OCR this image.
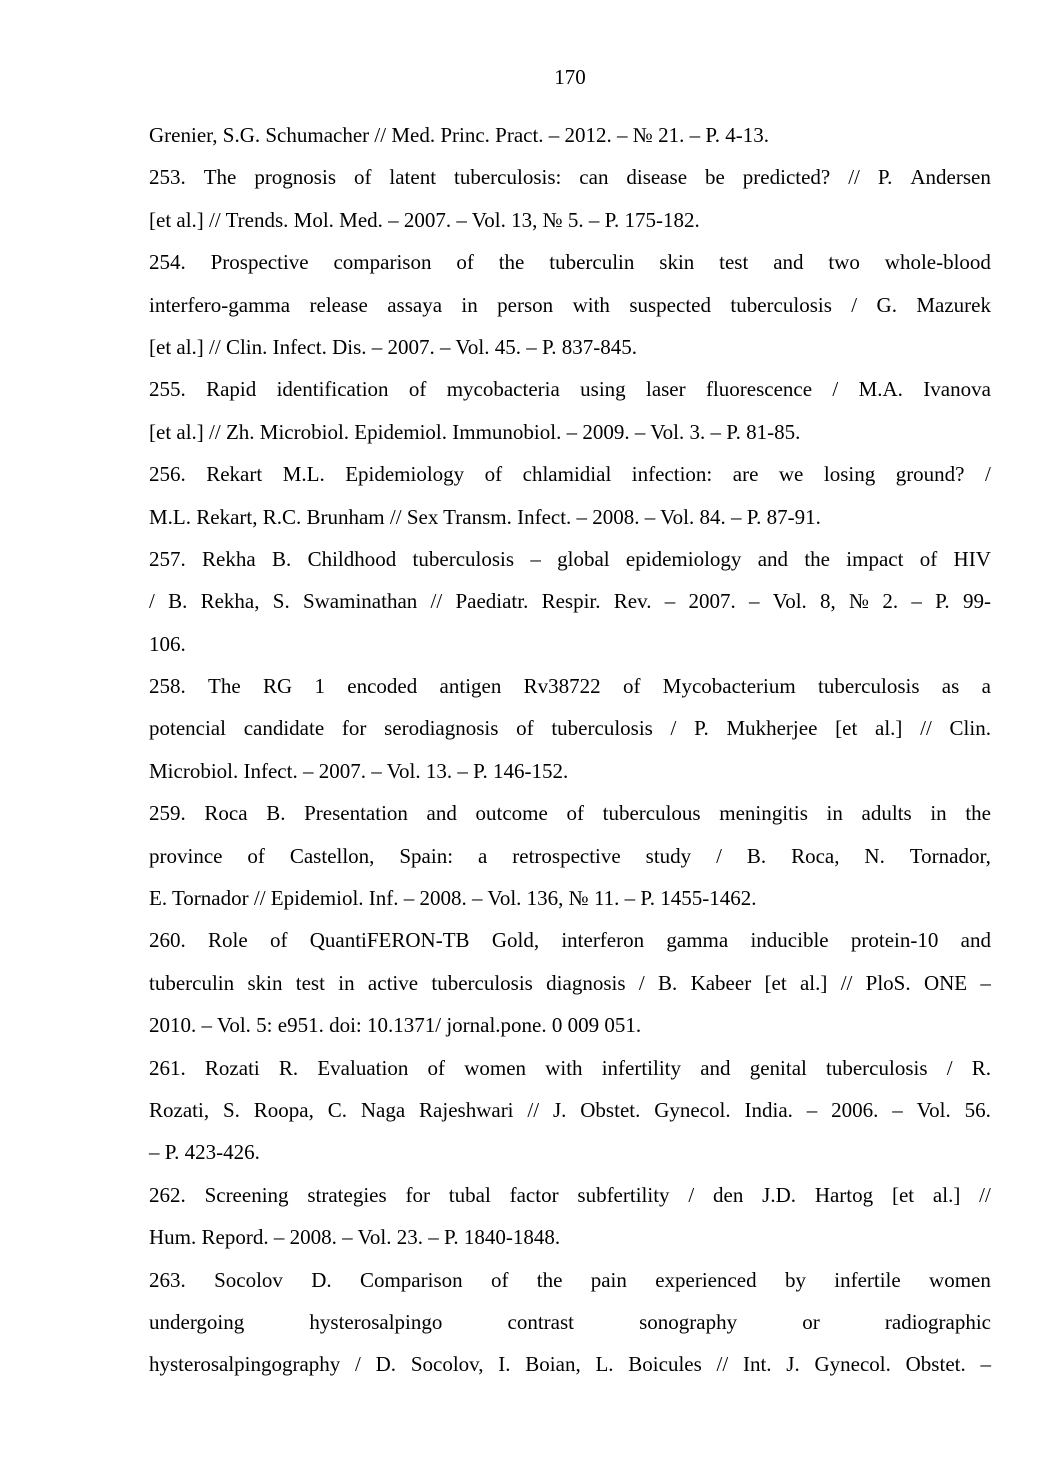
170
Grenier, S.G. Schumacher // Med. Princ. Pract. – 2012. – № 21. – P. 4-13.
253. The prognosis of latent tuberculosis: can disease be predicted? // P. Andersen
[et al.] // Trends. Mol. Med. – 2007. – Vol. 13, № 5. – P. 175-182.
254. Prospective comparison of the tuberculin skin test and two whole-blood
interfero-gamma release assaya in person with suspected tuberculosis / G. Mazurek
[et al.] // Clin. Infect. Dis. – 2007. – Vol. 45. – P. 837-845.
255. Rapid identification of mycobacteria using laser fluorescence / M.A. Ivanova
[et al.] // Zh. Microbiol. Epidemiol. Immunobiol. – 2009. – Vol. 3. – P. 81-85.
256. Rekart M.L. Epidemiology of chlamidial infection: are we losing ground? /
M.L. Rekart, R.C. Brunham // Sex Transm. Infect. – 2008. – Vol. 84. – P. 87-91.
257. Rekha B. Childhood tuberculosis – global epidemiology and the impact of HIV
/ B. Rekha, S. Swaminathan // Paediatr. Respir. Rev. – 2007. – Vol. 8, № 2. – P. 99-
106.
258. The RG 1 encoded antigen Rv38722 of Mycobacterium tuberculosis as a
potencial candidate for serodiagnosis of tuberculosis / P. Mukherjee [et al.] // Clin.
Microbiol. Infect. – 2007. – Vol. 13. – P. 146-152.
259. Roca B. Presentation and outcome of tuberculous meningitis in adults in the
province of Castellon, Spain: a retrospective study / B. Roca, N. Tornador,
E. Tornador // Epidemiol. Inf. – 2008. – Vol. 136, № 11. – P. 1455-1462.
260. Role of QuantiFERON-TB Gold, interferon gamma inducible protein-10 and
tuberculin skin test in active tuberculosis diagnosis / B. Kabeer [et al.] // PloS. ONE –
2010. – Vol. 5: e951. doi: 10.1371/ jornal.pone. 0 009 051.
261. Rozati R. Evaluation of women with infertility and genital tuberculosis / R.
Rozati, S. Roopa, C. Naga Rajeshwari // J. Obstet. Gynecol. India. – 2006. – Vol. 56.
– P. 423-426.
262. Screening strategies for tubal factor subfertility / den J.D. Hartog [et al.] //
Hum. Repord. – 2008. – Vol. 23. – P. 1840-1848.
263. Socolov D. Comparison of the pain experienced by infertile women
undergoing	hysterosalpingo	contrast	sonography	or	radiographic
hysterosalpingography / D. Socolov, I. Boian, L. Boicules // Int. J. Gynecol. Obstet. –
